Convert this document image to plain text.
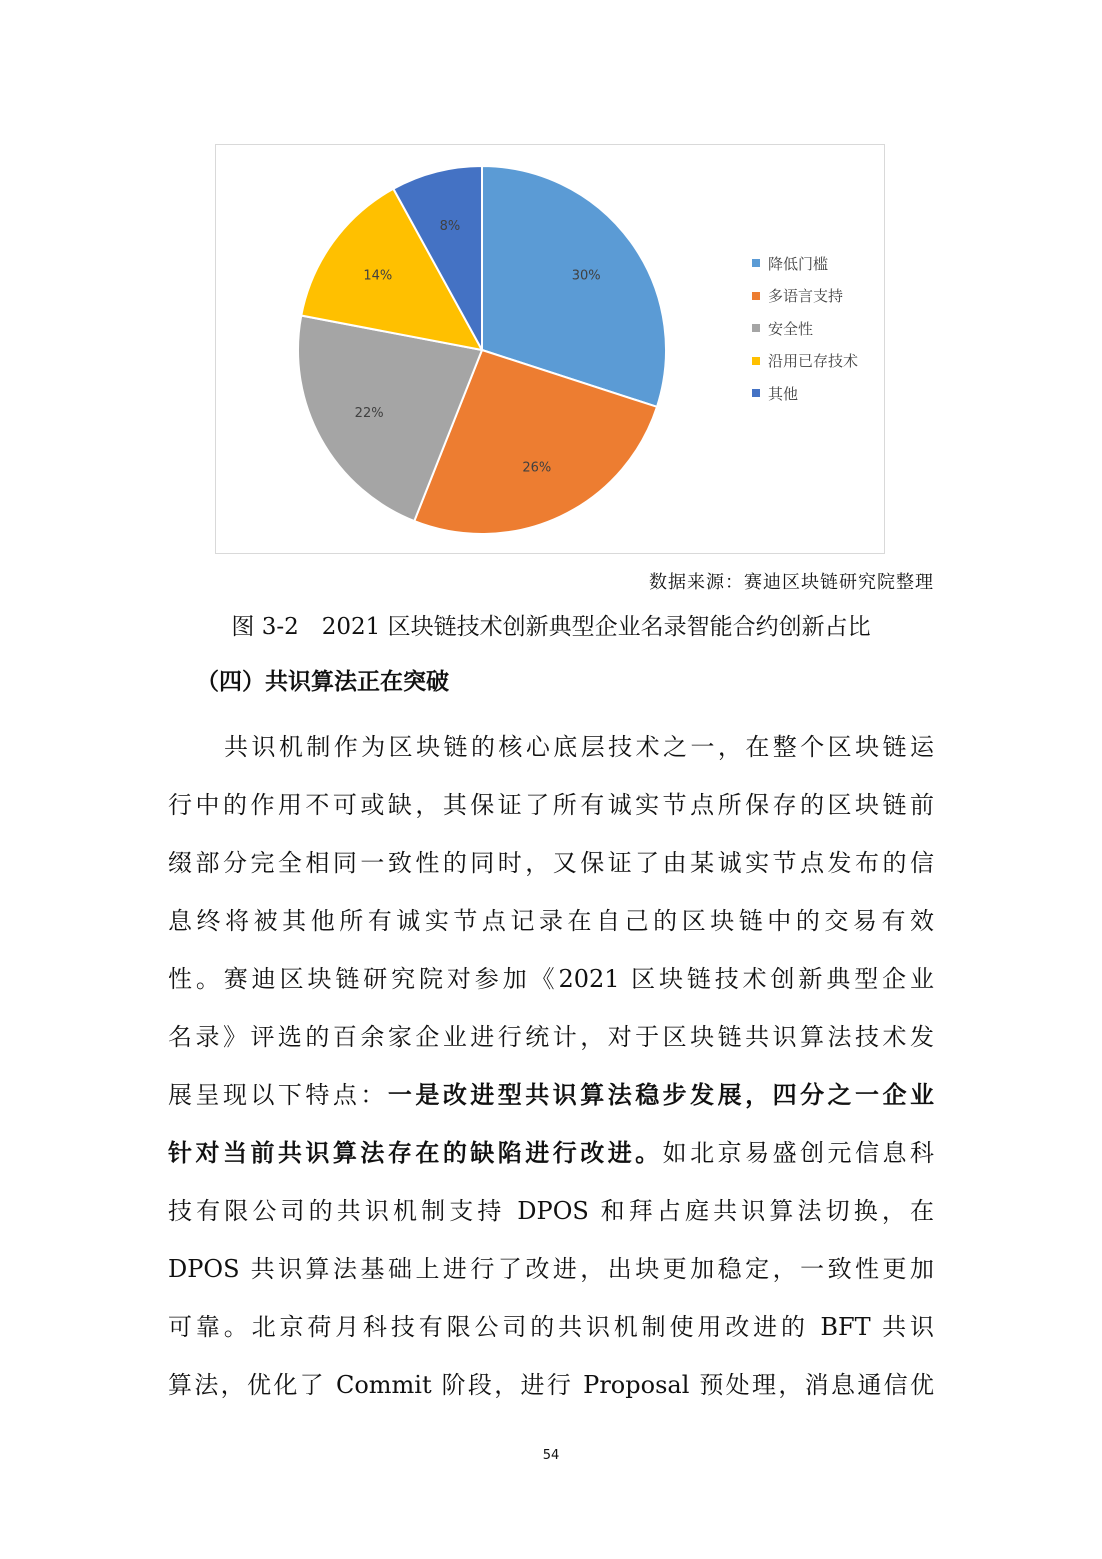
30%
26%
22%
14%
8%
降低门槛
多语言支持
安全性
沿用已存技术
其他
数据来源：赛迪区块链研究院整理
图 3-2　2021 区块链技术创新典型企业名录智能合约创新占比
（四）共识算法正在突破
共识机制作为区块链的核心底层技术之一，在整个区块链运
行中的作用不可或缺，其保证了所有诚实节点所保存的区块链前
缀部分完全相同一致性的同时，又保证了由某诚实节点发布的信
息终将被其他所有诚实节点记录在自己的区块链中的交易有效
性。赛迪区块链研究院对参加《2021 区块链技术创新典型企业
名录》评选的百余家企业进行统计，对于区块链共识算法技术发
展呈现以下特点：一是改进型共识算法稳步发展，四分之一企业
针对当前共识算法存在的缺陷进行改进。如北京易盛创元信息科
技有限公司的共识机制支持 DPOS 和拜占庭共识算法切换，在
DPOS 共识算法基础上进行了改进，出块更加稳定，一致性更加
可靠。北京荷月科技有限公司的共识机制使用改进的 BFT 共识
算法，优化了 Commit 阶段，进行 Proposal 预处理，消息通信优
54
